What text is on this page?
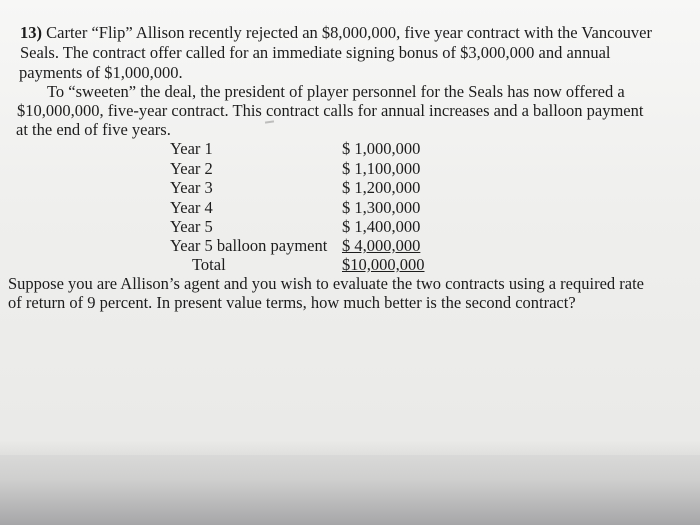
13) Carter “Flip” Allison recently rejected an $8,000,000, five year contract with the Vancouver
Seals. The contract offer called for an immediate signing bonus of $3,000,000 and annual
payments of $1,000,000.
To “sweeten” the deal, the president of player personnel for the Seals has now offered a
$10,000,000, five-year contract. This contract calls for annual increases and a balloon payment
at the end of five years.
Year 1	$ 1,000,000
Year 2	$ 1,100,000
Year 3	$ 1,200,000
Year 4	$ 1,300,000
Year 5	$ 1,400,000
Year 5 balloon payment $ 4,000,000
Total	$10,000,000
Suppose you are Allison’s agent and you wish to evaluate the two contracts using a required rate
of return of 9 percent. In present value terms, how much better is the second contract?
